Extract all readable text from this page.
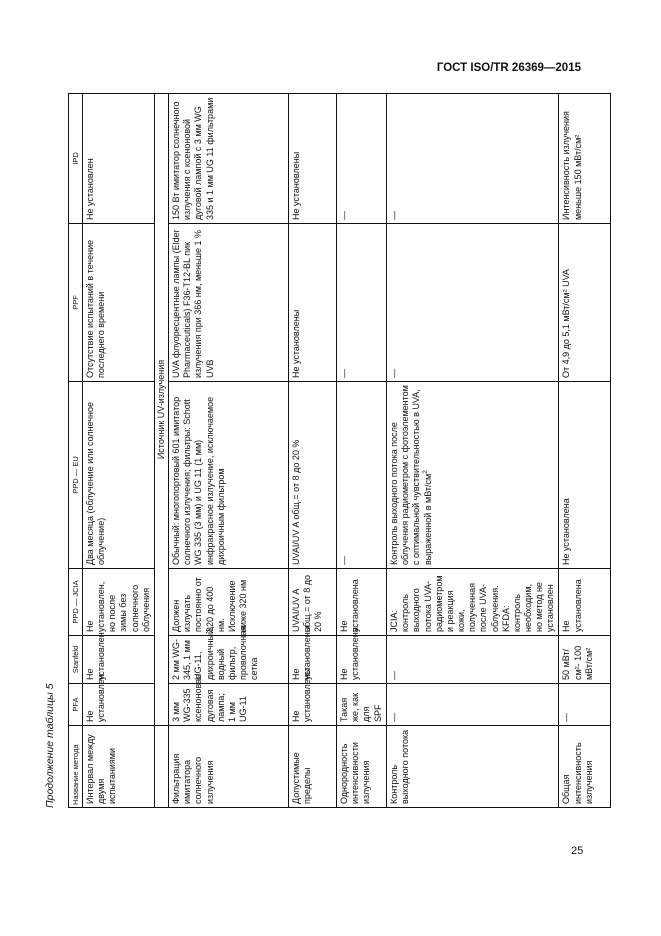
ГОСТ ISO/TR 26369—2015
Продолжение таблицы 5 Название метода	PFA	Stanfeld	PPD — JCIA	PPD — EU	PPF	IPD
Интервал между двумя испытаниями	Не установлен	Не установлен	Не установлен, но после зимы без солнечного облучения	Два месяца (облучение или солнечное облучение)	Отсутствие испытаний в течение последнего времени	Не установлен
	Источник UV-излучения					
Фильтрация имитатора солнечного излучения	3 мм WG-335 ксеноновая дуговая лампа; 1 мм UG-11	2 мм WG-345, 1 мм UG-11, дихроичный, водный фильтр, проволочная сетка	Должен излучать постоянно от 320 до 400 нм. Исключение ниже 320 нм	Обычный: многопортовый 601 имитатор солнечного излучения; фильтры: Schott WG 335 (3 мм) и UG 11 (1 мм) инфракрасное излучение, исключаемое дихроичным фильтром	UVA флуоресцентные лампы (Elder Pharmaceuticals) F36-T12-BL пик излучения при 366 нм, меньше 1 % UVB	150 Вт имитатор солнечного излучения с ксеноновой дуговой лампой с 3 мм WG 335 и 1 мм UG 11 фильтрами
Допустимые пределы	Не установлены	Не установлены	UVAI/UV A общ.= от 8 до 20 %	UVAI/UV A общ.= от 8 до 20 %	Не установлены	Не установлены
Однородность интенсивности излучения	Такая же, как для SPF	Не установлена	Не установлена	—	—	—
Контроль выходного потока	—	—	JCIA: контроль выходного потока UVA-радиометром и реакция кожи, полученная после UVA-облучения. KFDA: контроль необходим, но метод не установлен	Контроль выходного потока после облучения радиометром с фотоэлементом с оптимальной чувствительностью в UVA, выраженной в мВт/$см^2$	—	—
Общая интенсивность излучения	—	50 мВт/см²- 100 мВт/см²	Не установлена	Не установлена	От 4,9 до 5,1 мВт/см² UVA	Интенсивность излучения меньше 150 мВт/см²
25
